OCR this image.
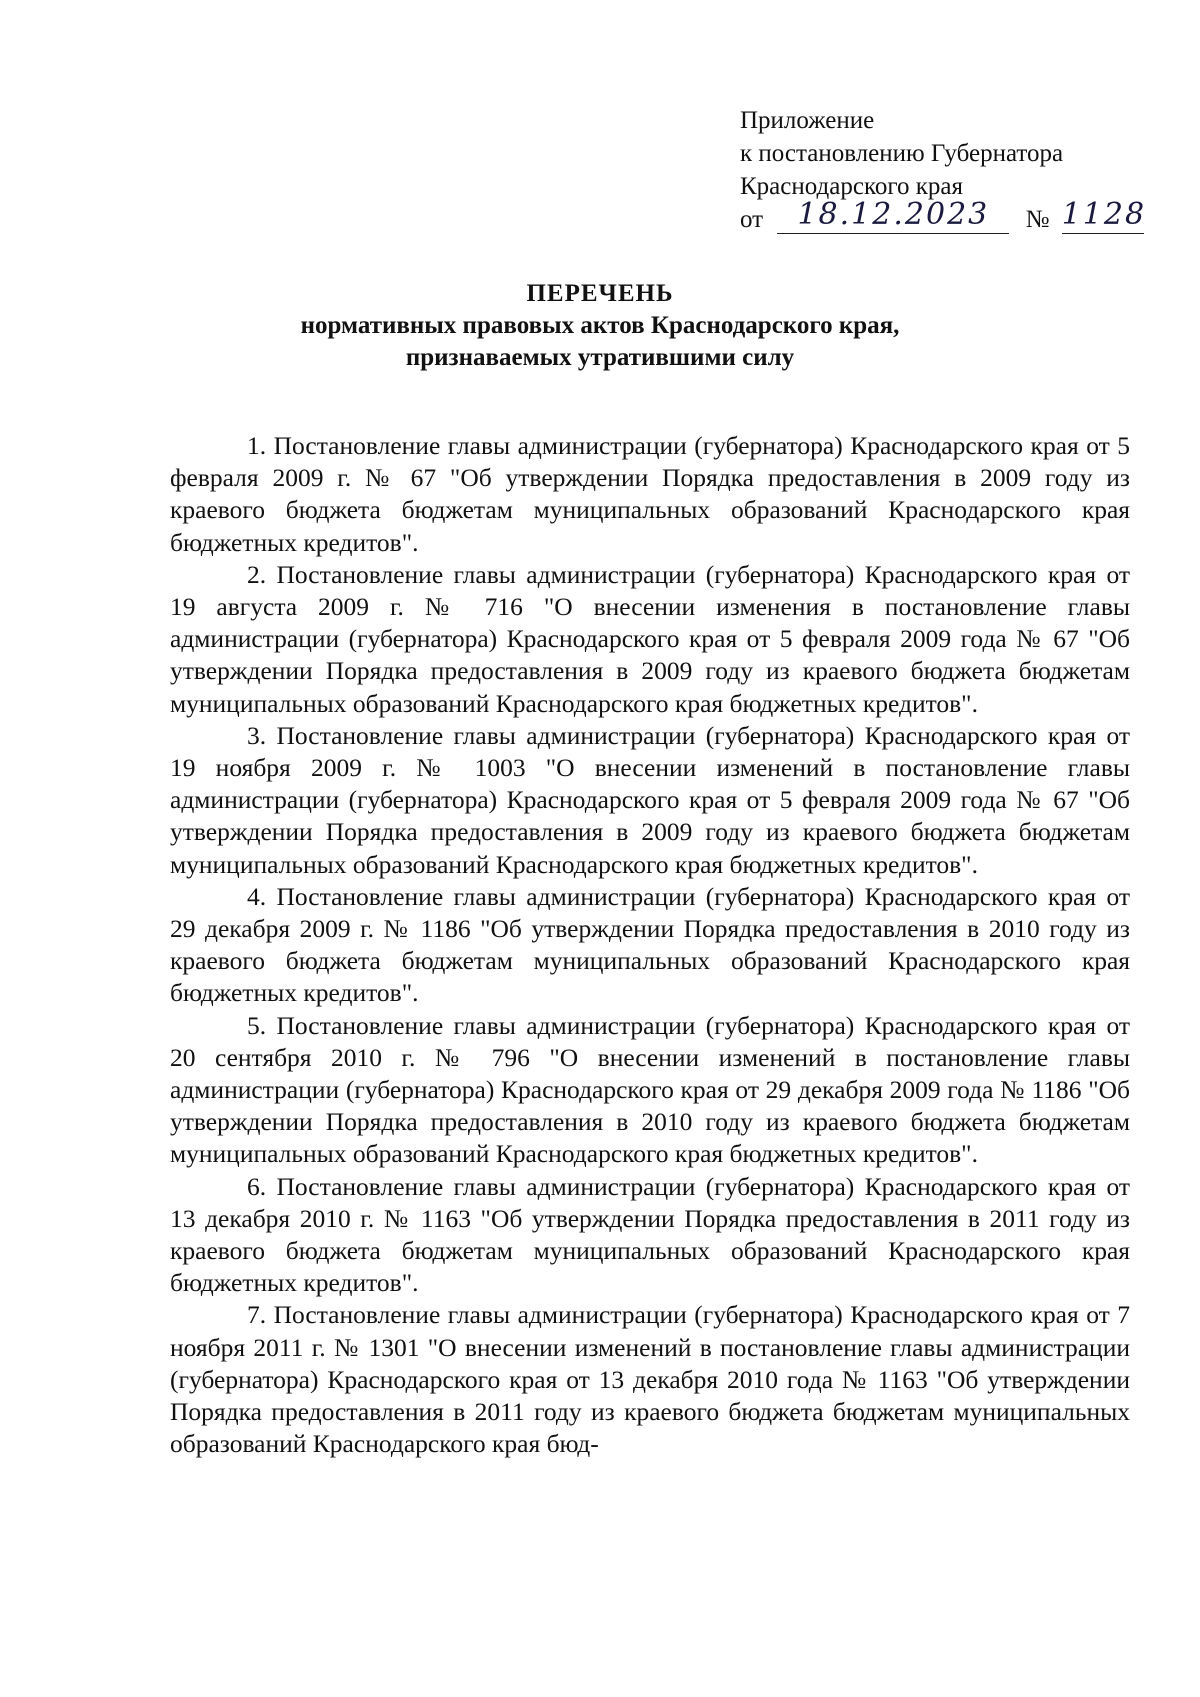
Приложение
к постановлению Губернатора
Краснодарского края
от 18.12.2023 № 1128
ПЕРЕЧЕНЬ
нормативных правовых актов Краснодарского края,
признаваемых утратившими силу

1. Постановление главы администрации (губернатора) Краснодарского края от 5 февраля 2009 г. № 67 "Об утверждении Порядка предоставления в 2009 году из краевого бюджета бюджетам муниципальных образований Краснодарского края бюджетных кредитов".

2. Постановление главы администрации (губернатора) Краснодарского края от 19 августа 2009 г. № 716 "О внесении изменения в постановление главы администрации (губернатора) Краснодарского края от 5 февраля 2009 года № 67 "Об утверждении Порядка предоставления в 2009 году из краевого бюджета бюджетам муниципальных образований Краснодарского края бюджетных кредитов".

3. Постановление главы администрации (губернатора) Краснодарского края от 19 ноября 2009 г. № 1003 "О внесении изменений в постановление главы администрации (губернатора) Краснодарского края от 5 февраля 2009 года № 67 "Об утверждении Порядка предоставления в 2009 году из краевого бюджета бюджетам муниципальных образований Краснодарского края бюджетных кредитов".

4. Постановление главы администрации (губернатора) Краснодарского края от 29 декабря 2009 г. № 1186 "Об утверждении Порядка предоставления в 2010 году из краевого бюджета бюджетам муниципальных образований Краснодарского края бюджетных кредитов".

5. Постановление главы администрации (губернатора) Краснодарского края от 20 сентября 2010 г. № 796 "О внесении изменений в постановление главы администрации (губернатора) Краснодарского края от 29 декабря 2009 года № 1186 "Об утверждении Порядка предоставления в 2010 году из краевого бюджета бюджетам муниципальных образований Краснодарского края бюджетных кредитов".

6. Постановление главы администрации (губернатора) Краснодарского края от 13 декабря 2010 г. № 1163 "Об утверждении Порядка предоставления в 2011 году из краевого бюджета бюджетам муниципальных образований Краснодарского края бюджетных кредитов".

7. Постановление главы администрации (губернатора) Краснодарского края от 7 ноября 2011 г. № 1301 "О внесении изменений в постановление главы администрации (губернатора) Краснодарского края от 13 декабря 2010 года № 1163 "Об утверждении Порядка предоставления в 2011 году из краевого бюджета бюджетам муниципальных образований Краснодарского края бюд-
